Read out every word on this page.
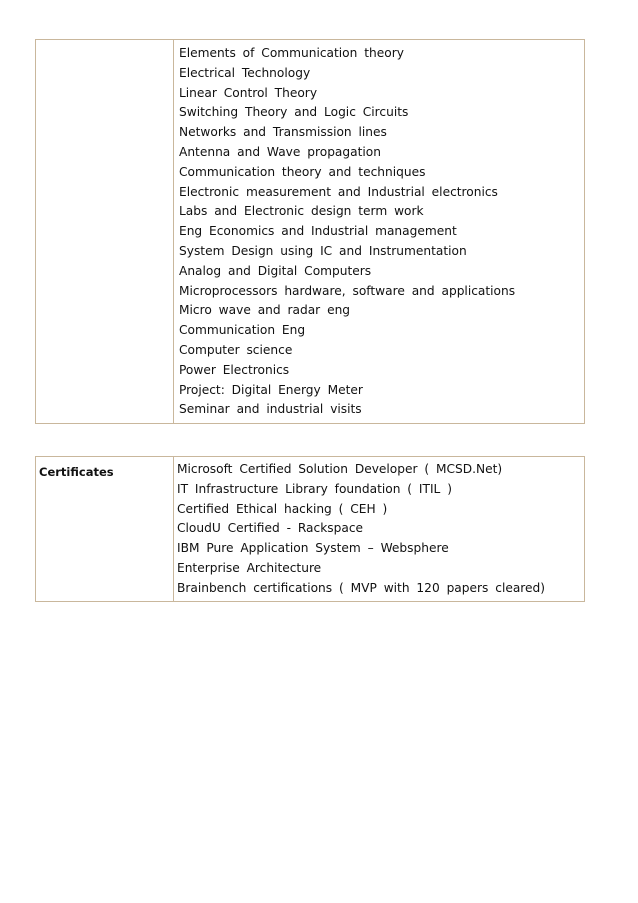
Elements of Communication theory
Electrical Technology
Linear Control Theory
Switching Theory and Logic Circuits
Networks and Transmission lines
Antenna and Wave propagation
Communication theory and techniques
Electronic measurement and Industrial electronics
Labs and Electronic design term work
Eng Economics and Industrial management
System Design using IC and Instrumentation
Analog and Digital Computers
Microprocessors hardware, software and applications
Micro wave and radar eng
Communication Eng
Computer science
Power Electronics
Project: Digital Energy Meter
Seminar and industrial visits
Certificates	Microsoft Certified Solution Developer ( MCSD.Net)
IT Infrastructure Library foundation ( ITIL )
Certified Ethical hacking ( CEH )
CloudU Certified - Rackspace
IBM Pure Application System – Websphere
Enterprise Architecture
Brainbench certifications ( MVP with 120 papers cleared)
